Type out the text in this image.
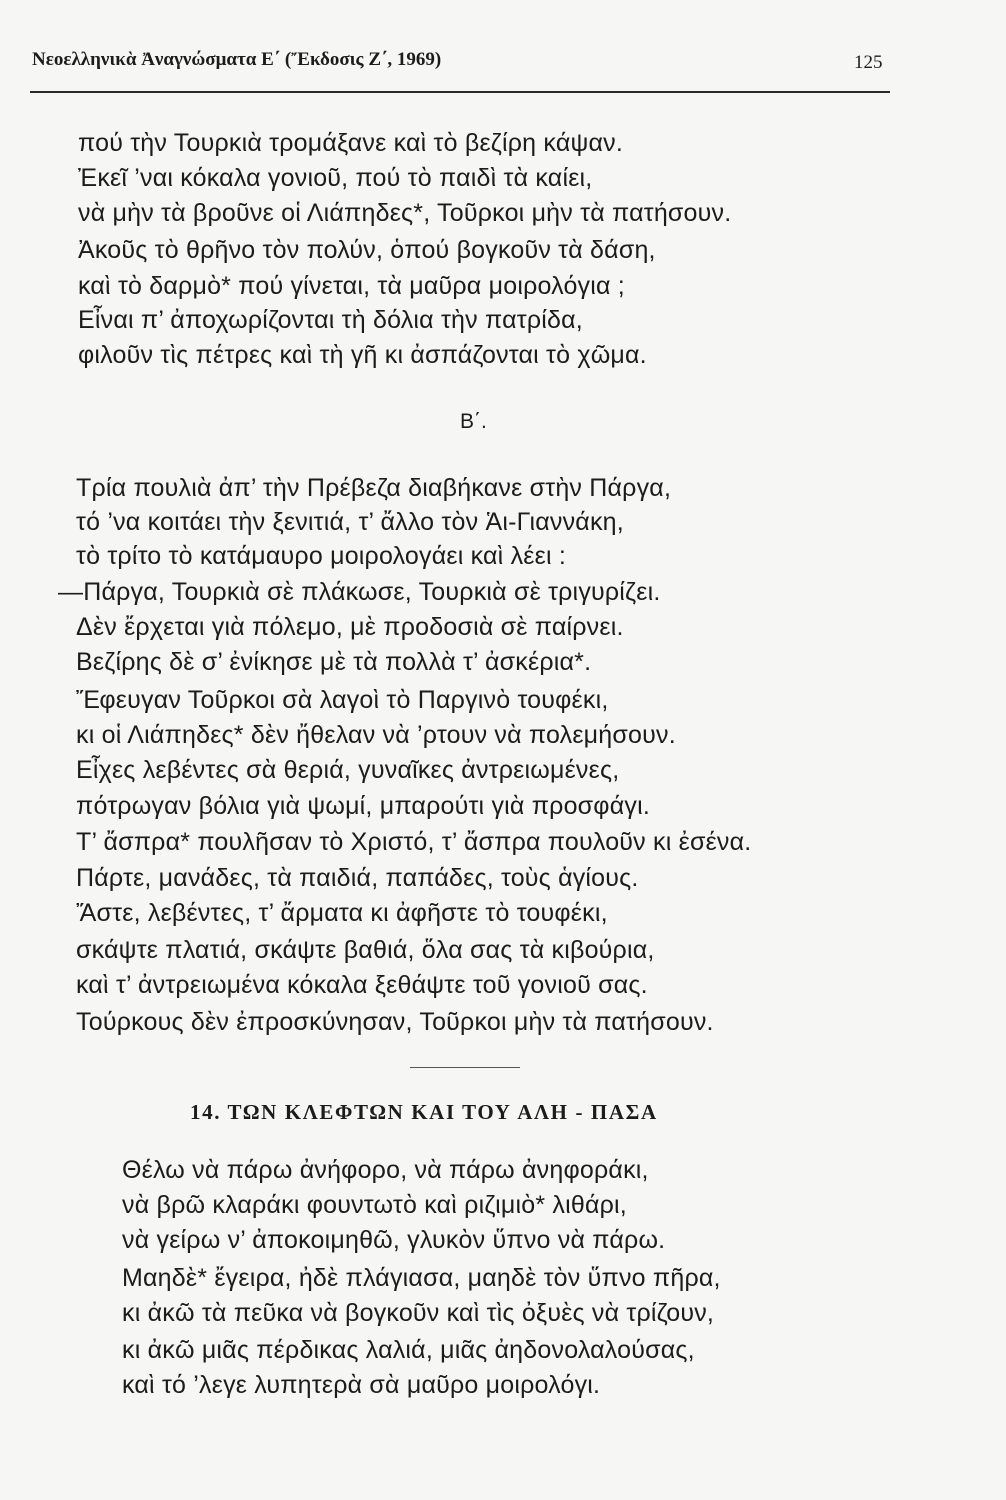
Νεοελληνικὰ Ἀναγνώσματα Ε΄ (Ἔκδοσις Ζ΄, 1969)	125
πού τὴν Τουρκιὰ τρομάξανε καὶ τὸ βεζίρη κάψαν.
Ἐκεῖ ’ναι κόκαλα γονιοῦ, πού τὸ παιδὶ τὰ καίει,
νὰ μὴν τὰ βροῦνε οἱ Λιάπηδες*, Τοῦρκοι μὴν τὰ πατήσουν.
Ἀκοῦς τὸ θρῆνο τὸν πολύν, ὁπού βογκοῦν τὰ δάση,
καὶ τὸ δαρμὸ* πού γίνεται, τὰ μαῦρα μοιρολόγια ;
Εἶναι π’ ἀποχωρίζονται τὴ δόλια τὴν πατρίδα,
φιλοῦν τὶς πέτρες καὶ τὴ γῆ κι ἀσπάζονται τὸ χῶμα.
Β΄.
Τρία πουλιὰ ἀπ’ τὴν Πρέβεζα διαβήκανε στὴν Πάργα,
τό ’να κοιτάει τὴν ξενιτιά, τ’ ἄλλο τὸν Ἁι-Γιαννάκη,
τὸ τρίτο τὸ κατάμαυρο μοιρολογάει καὶ λέει :
—Πάργα, Τουρκιὰ σὲ πλάκωσε, Τουρκιὰ σὲ τριγυρίζει.
Δὲν ἔρχεται γιὰ πόλεμο, μὲ προδοσιὰ σὲ παίρνει.
Βεζίρης δὲ σ’ ἐνίκησε μὲ τὰ πολλὰ τ’ ἀσκέρια*.
Ἔφευγαν Τοῦρκοι σὰ λαγοὶ τὸ Παργινὸ τουφέκι,
κι οἱ Λιάπηδες* δὲν ἤθελαν νὰ ’ρτουν νὰ πολεμήσουν.
Εἶχες λεβέντες σὰ θεριά, γυναῖκες ἀντρειωμένες,
πότρωγαν βόλια γιὰ ψωμί, μπαρούτι γιὰ προσφάγι.
Τ’ ἄσπρα* πουλῆσαν τὸ Χριστό, τ’ ἄσπρα πουλοῦν κι ἐσένα.
Πάρτε, μανάδες, τὰ παιδιά, παπάδες, τοὺς ἁγίους.
Ἄστε, λεβέντες, τ’ ἄρματα κι ἀφῆστε τὸ τουφέκι,
σκάψτε πλατιά, σκάψτε βαθιά, ὅλα σας τὰ κιβούρια,
καὶ τ’ ἀντρειωμένα κόκαλα ξεθάψτε τοῦ γονιοῦ σας.
Τούρκους δὲν ἐπροσκύνησαν, Τοῦρκοι μὴν τὰ πατήσουν.
14. ΤΩΝ ΚΛΕΦΤΩΝ ΚΑΙ ΤΟΥ ΑΛΗ - ΠΑΣΑ
Θέλω νὰ πάρω ἀνήφορο, νὰ πάρω ἀνηφοράκι,
νὰ βρῶ κλαράκι φουντωτὸ καὶ ριζιμιὸ* λιθάρι,
νὰ γείρω ν’ ἀποκοιμηθῶ, γλυκὸν ὕπνο νὰ πάρω.
Μαηδὲ* ἔγειρα, ἠδὲ πλάγιασα, μαηδὲ τὸν ὕπνο πῆρα,
κι ἀκῶ τὰ πεῦκα νὰ βογκοῦν καὶ τὶς ὀξυὲς νὰ τρίζουν,
κι ἀκῶ μιᾶς πέρδικας λαλιά, μιᾶς ἀηδονολαλούσας,
καὶ τό ’λεγε λυπητερὰ σὰ μαῦρο μοιρολόγι.
